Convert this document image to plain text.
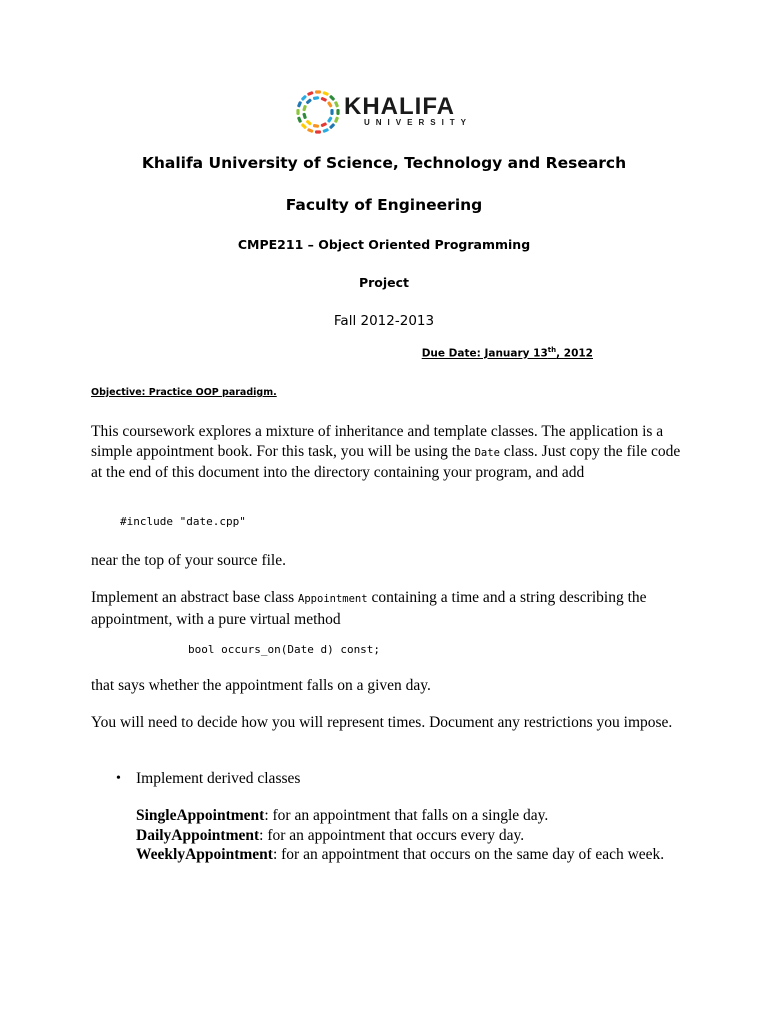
KHALIFA
UNIVERSITY
Khalifa University of Science, Technology and Research
Faculty of Engineering
CMPE211 – Object Oriented Programming
Project
Fall 2012-2013
Due Date: January 13th, 2012
Objective: Practice OOP paradigm.
This coursework explores a mixture of inheritance and template classes. The application is a simple appointment book. For this task, you will be using the Date class. Just copy the file code at the end of this document into the directory containing your program, and add
#include "date.cpp"
near the top of your source file.
Implement an abstract base class Appointment containing a time and a string describing the appointment, with a pure virtual method
bool occurs_on(Date d) const;
that says whether the appointment falls on a given day.
You will need to decide how you will represent times. Document any restrictions you impose.
• Implement derived classes
SingleAppointment: for an appointment that falls on a single day.
DailyAppointment: for an appointment that occurs every day.
WeeklyAppointment: for an appointment that occurs on the same day of each week.
